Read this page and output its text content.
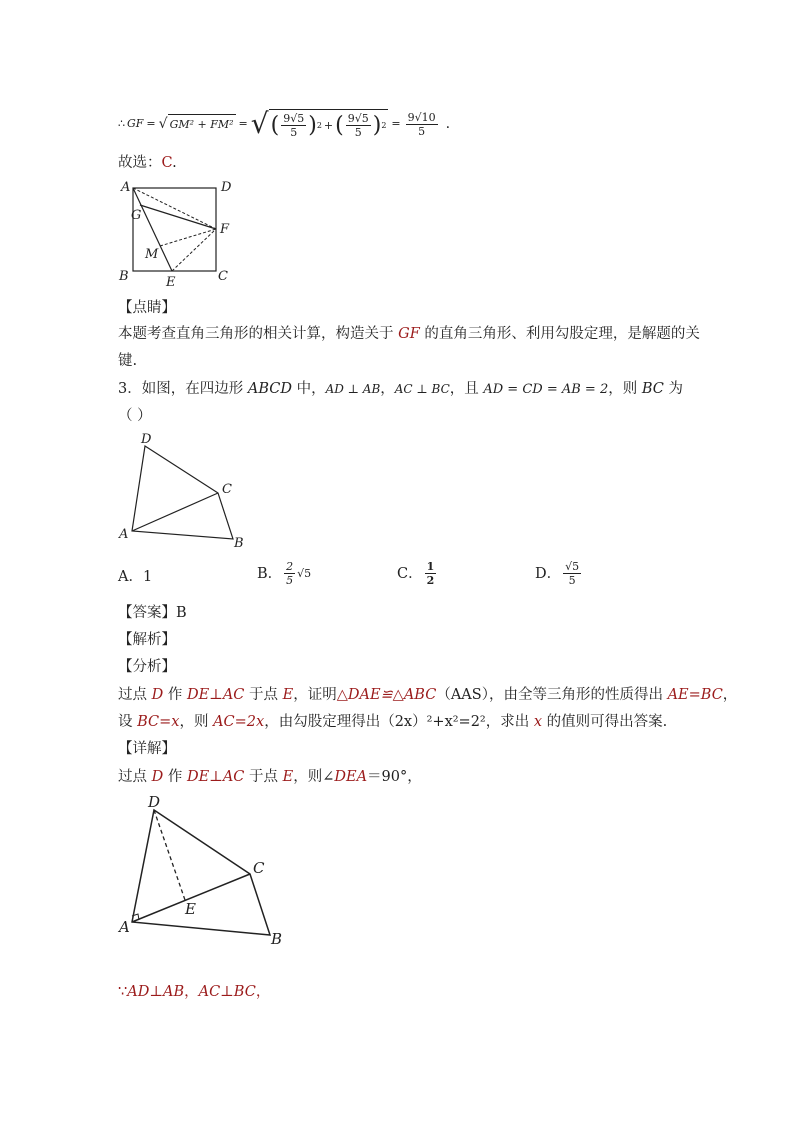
∴ GF = √ GM² + FM² = √ ( $\frac{9√5}{5}$ ) 2 + ( $\frac{9√5}{5}$ ) $2 = \frac{9√10}{5}$ .
故选：C.
A	D
G
F
M
B	E	C
【点睛】
本题考查直角三角形的相关计算，构造关于 GF 的直角三角形、利用勾股定理，是解题的关
键.
3．如图，在四边形 ABCD 中，AD ⊥ AB，AC ⊥ BC，且 AD = CD = AB = 2，则 BC 为
（ ）
D
C
A
B
A．1	B． $\frac{2}{5} √5$	C． $\frac{1}{2}$	D． $\frac{√5}{5}$
【答案】B
【解析】
【分析】
过点 D 作 DE⊥AC 于点 E，证明△DAE≌△ABC（AAS），由全等三角形的性质得出 AE=BC，
设 BC=x，则 AC=2x，由勾股定理得出（2x）²+x²=2²，求出 x 的值则可得出答案.
【详解】
过点 D 作 DE⊥AC 于点 E，则∠DEA＝90°，
D
C
E
A
B
∵AD⊥AB，AC⊥BC，
